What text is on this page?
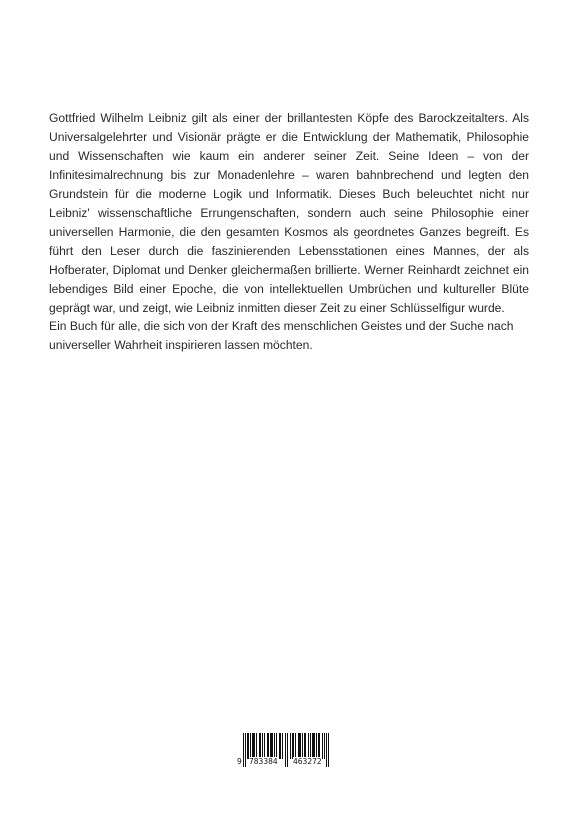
Gottfried Wilhelm Leibniz gilt als einer der brillantesten Köpfe des Barockzeitalters. Als Universalgelehrter und Visionär prägte er die Entwicklung der Mathematik, Philosophie und Wissenschaften wie kaum ein anderer seiner Zeit. Seine Ideen – von der Infinitesimalrechnung bis zur Monadenlehre – waren bahnbrechend und legten den Grundstein für die moderne Logik und Informatik. Dieses Buch beleuchtet nicht nur Leibniz' wissenschaftliche Errungenschaften, sondern auch seine Philosophie einer universellen Harmonie, die den gesamten Kosmos als geordnetes Ganzes begreift. Es führt den Leser durch die faszinierenden Lebensstationen eines Mannes, der als Hofberater, Diplomat und Denker gleichermaßen brillierte. Werner Reinhardt zeichnet ein lebendiges Bild einer Epoche, die von intellektuellen Umbrüchen und kultureller Blüte geprägt war, und zeigt, wie Leibniz inmitten dieser Zeit zu einer Schlüsselfigur wurde.

Ein Buch für alle, die sich von der Kraft des menschlichen Geistes und der Suche nach universeller Wahrheit inspirieren lassen möchten.

9 783384 463272
